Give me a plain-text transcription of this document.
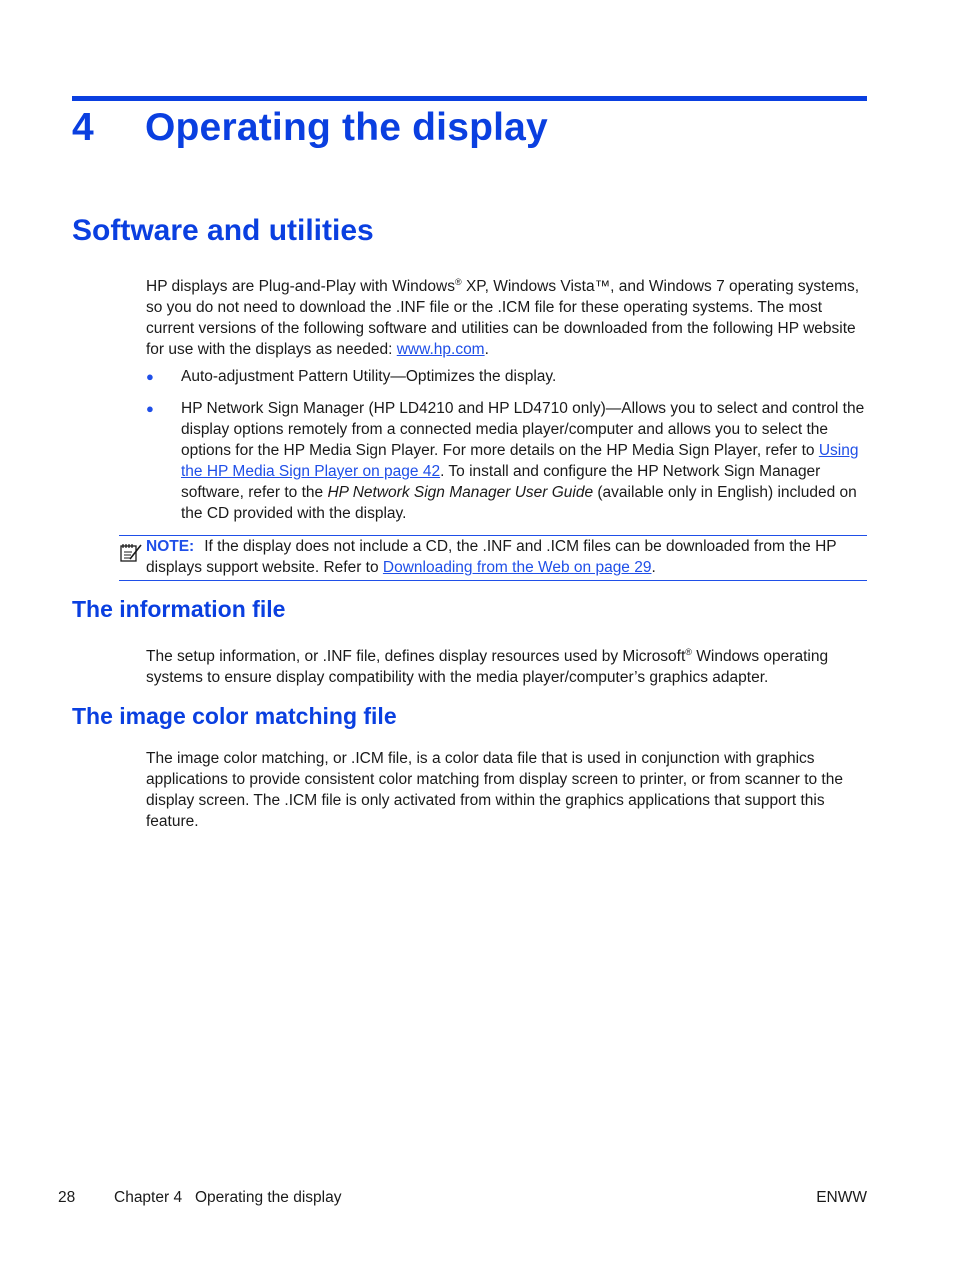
4 Operating the display
Software and utilities
HP displays are Plug-and-Play with Windows® XP, Windows Vista™, and Windows 7 operating systems, so you do not need to download the .INF file or the .ICM file for these operating systems. The most current versions of the following software and utilities can be downloaded from the following HP website for use with the displays as needed: www.hp.com.
● Auto-adjustment Pattern Utility—Optimizes the display.
● HP Network Sign Manager (HP LD4210 and HP LD4710 only)—Allows you to select and control the display options remotely from a connected media player/computer and allows you to select the options for the HP Media Sign Player. For more details on the HP Media Sign Player, refer to Using the HP Media Sign Player on page 42. To install and configure the HP Network Sign Manager software, refer to the HP Network Sign Manager User Guide (available only in English) included on the CD provided with the display.
NOTE: If the display does not include a CD, the .INF and .ICM files can be downloaded from the HP displays support website. Refer to Downloading from the Web on page 29.
The information file
The setup information, or .INF file, defines display resources used by Microsoft® Windows operating systems to ensure display compatibility with the media player/computer’s graphics adapter.
The image color matching file
The image color matching, or .ICM file, is a color data file that is used in conjunction with graphics applications to provide consistent color matching from display screen to printer, or from scanner to the display screen. The .ICM file is only activated from within the graphics applications that support this feature.
28	Chapter 4   Operating the display	ENWW
